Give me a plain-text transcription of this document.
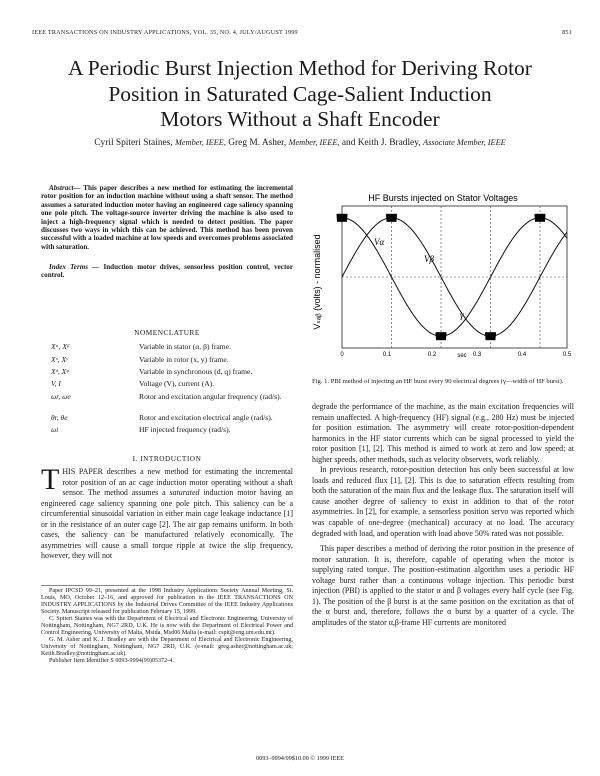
IEEE TRANSACTIONS ON INDUSTRY APPLICATIONS, VOL. 35, NO. 4, JULY/AUGUST 1999	851
A Periodic Burst Injection Method for Deriving Rotor
Position in Saturated Cage-Salient Induction
Motors Without a Shaft Encoder
Cyril Spiteri Staines, Member, IEEE, Greg M. Asher, Member, IEEE, and Keith J. Bradley, Associate Member, IEEE
Abstract— This paper describes a new method for estimating the incremental rotor position for an induction machine without using a shaft sensor. The method assumes a saturated induction motor having an engineered cage saliency spanning one pole pitch. The voltage-source inverter driving the machine is also used to inject a high-frequency signal which is needed to detect position. The paper discusses two ways in which this can be achieved. This method has been proven successful with a loaded machine at low speeds and overcomes problems associated with saturation.
Index Terms — Induction motor drives, sensorless position control, vector control.
NOMENCLATURE
Xᵅ, Xᵝ	Variable in stator (α, β) frame.
Xˣ, Xʸ	Variable in rotor (x, y) frame.
Xᵈ, Xᵠ	Variable in synchronous (d, q) frame.
V, I	Voltage (V), current (A).
ωr, ωe	Rotor and excitation angular frequency (rad/s).
θr, θe	Rotor and excitation electrical angle (rad/s).
ωi	HF injected frequency (rad/s).
I. INTRODUCTION
THIS PAPER describes a new method for estimating the incremental rotor position of an ac cage induction motor operating without a shaft sensor. The method assumes a saturated induction motor having an engineered cage saliency spanning one pole pitch. This saliency can be a circumferential sinusoidal variation in either main cage leakage inductance [1] or in the resistance of an outer cage [2]. The air gap remains uniform. In both cases, the saliency can be manufactured relatively economically. The asymmetries will cause a small torque ripple at twice the slip frequency, however, they will not

Paper IPCSD 99–21, presented at the 1998 Industry Applications Society Annual Meeting, St. Louis, MO, October 12–16, and approved for publication in the IEEE TRANSACTIONS ON INDUSTRY APPLICATIONS by the Industrial Drives Committee of the IEEE Industry Applications Society. Manuscript released for publication February 15, 1999.

C. Spiteri Staines was with the Department of Electrical and Electronic Engineering, University of Nottingham, Nottingham, NG7 2RD, U.K. He is now with the Department of Electrical Power and Control Engineering, University of Malta, Msida, Msd06 Malta (e-mail: cspit@eng.um.edu.mt).

G. M. Asher and K. J. Bradley are with the Department of Electrical and Electronic Engineering, University of Nottingham, Nottingham, NG7 2RD, U.K. (e-mail: greg.asher@nottingham.ac.uk; Keith.Bradley@nottingham.ac.uk).

Publisher Item Identifier S 0093-9994(99)05372-4.

HF Bursts injected on Stator Voltages
Vₛₐᵦ (volts) - normalised
sec
Vα
Vβ
γ
0	0.1	0.2	0.3	0.4	0.5
Fig. 1. PBI method of injecting an HF burst every 90 electrical degrees (γ—width of HF burst).

degrade the performance of the machine, as the main excitation frequencies will remain unaffected. A high-frequency (HF) signal (e.g., 280 Hz) must be injected for position estimation. The asymmetry will create rotor-position-dependent harmonics in the HF stator currents which can be signal processed to yield the rotor position [1], [2]. This method is aimed to work at zero and low speed; at higher speeds, other methods, such as velocity observers, work reliably.

In previous research, rotor-position detection has only been successful at low loads and reduced flux [1], [2]. This is due to saturation effects resulting from both the saturation of the main flux and the leakage flux. The saturation itself will cause another degree of saliency to exist in addition to that of the rotor asymmetries. In [2], for example, a sensorless position servo was reported which was capable of one-degree (mechanical) accuracy at no load. The accuracy degraded with load, and operation with load above 50% rated was not possible.

This paper describes a method of deriving the rotor position in the presence of motor saturation. It is, therefore, capable of operating when the motor is supplying rated torque. The position-estimation algorithm uses a periodic HF voltage burst rather than a continuous voltage injection. This periodic burst injection (PBI) is applied to the stator α and β voltages every half cycle (see Fig. 1). The position of the β burst is at the same position on the excitation as that of the α burst and, therefore, follows the α burst by a quarter of a cycle. The amplitudes of the stator α,β-frame HF currents are monitored

0093–9994/99$10.00 © 1999 IEEE
